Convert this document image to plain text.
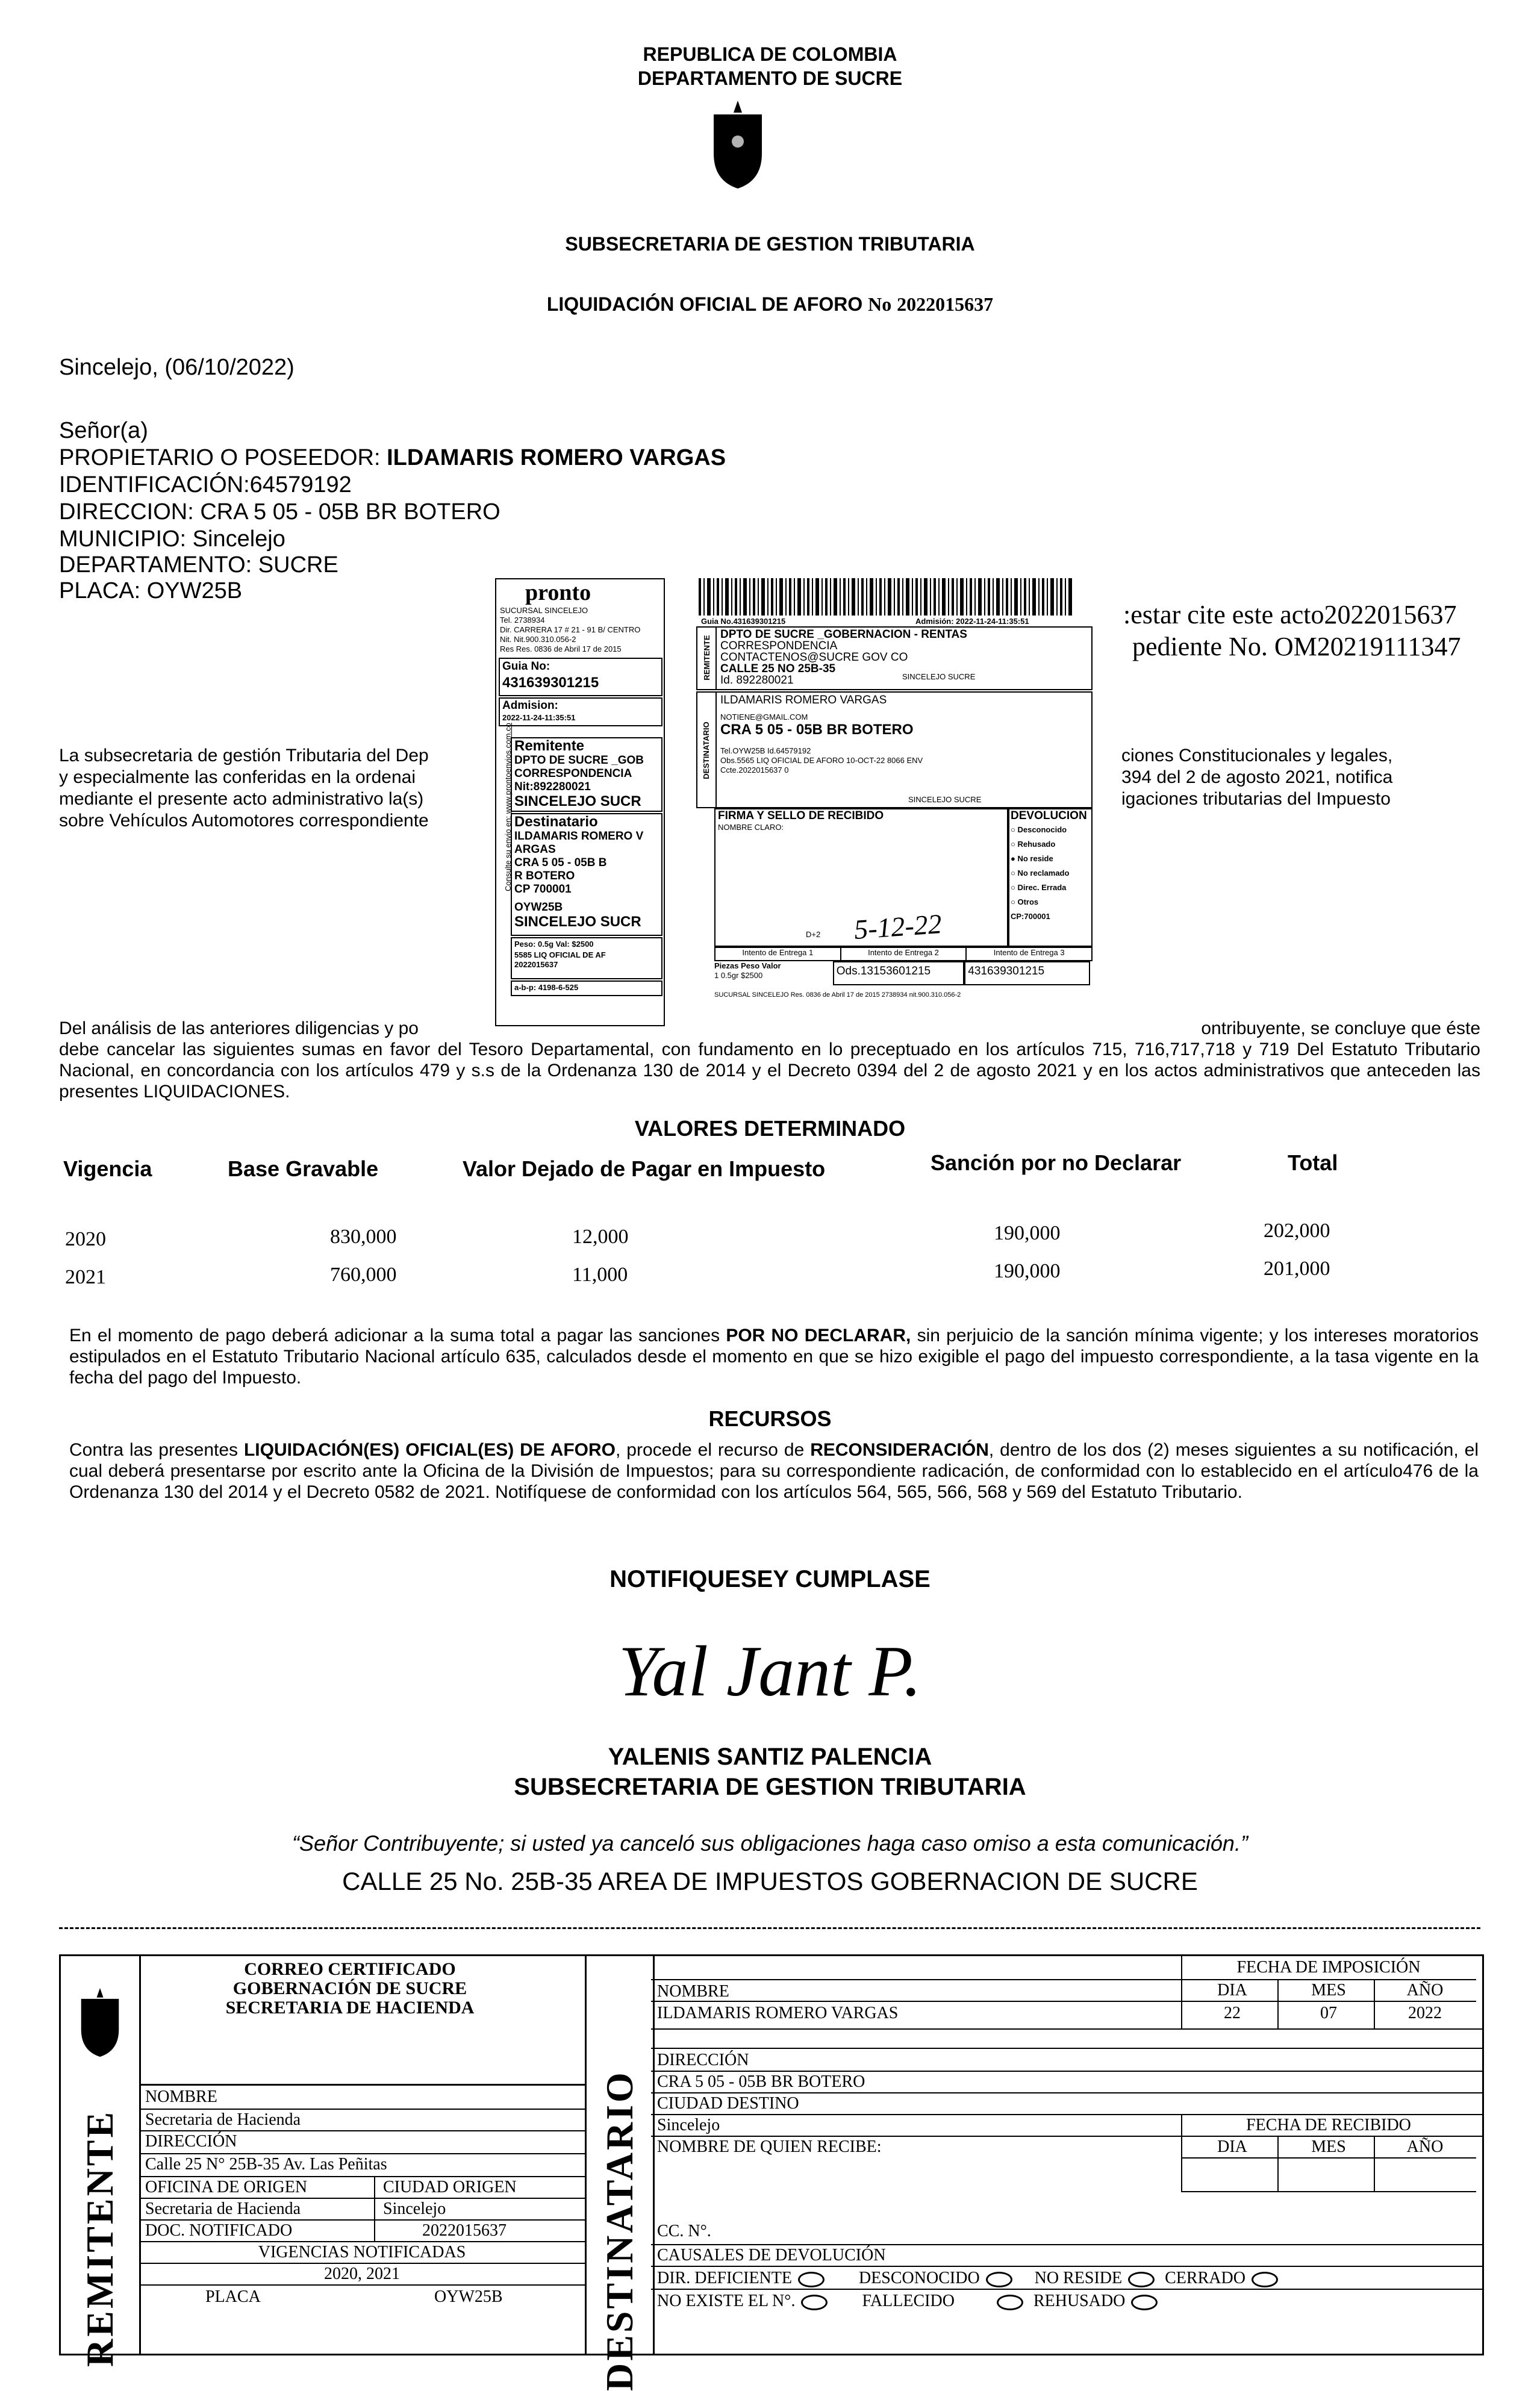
REPUBLICA DE COLOMBIA
DEPARTAMENTO DE SUCRE
SUBSECRETARIA DE GESTION TRIBUTARIA
LIQUIDACIÓN OFICIAL DE AFORO No 2022015637
Sincelejo, (06/10/2022)
Señor(a)
PROPIETARIO O POSEEDOR: ILDAMARIS ROMERO VARGAS
IDENTIFICACIÓN:64579192
DIRECCION: CRA 5 05 - 05B BR BOTERO
MUNICIPIO: Sincelejo
DEPARTAMENTO: SUCRE
PLACA: OYW25B
:estar cite este acto2022015637
pediente No. OM20219111347
La subsecretaria de gestión Tributaria del Dep
y especialmente las conferidas en la ordenai
mediante el presente acto administrativo la(s)
sobre Vehículos Automotores correspondiente
ciones Constitucionales y legales,
394 del 2 de agosto 2021, notifica
igaciones tributarias del Impuesto
pronto
SUCURSAL SINCELEJO
Tel. 2738934
Dir. CARRERA 17 # 21 - 91 B/ CENTRO
Nit. Nit.900.310.056-2
Res Res. 0836 de Abril 17 de 2015
Guia No:
431639301215
Admision:
2022-11-24-11:35:51
Remitente
DPTO DE SUCRE _GOB
CORRESPONDENCIA
Nit:892280021
SINCELEJO SUCR
Destinatario
ILDAMARIS ROMERO V
ARGAS
CRA 5 05 - 05B B
R BOTERO
CP 700001
OYW25B
SINCELEJO SUCR
Peso: 0.5g Val: $2500
5585 LIQ OFICIAL DE AF
2022015637
a-b-p: 4198-6-525
Consulte su envio en: www.prontoenvios.com.co
Guia No.431639301215	Admisión: 2022-11-24-11:35:51
REMITENTE
DPTO DE SUCRE _GOBERNACION - RENTAS
CORRESPONDENCIA
CONTACTENOS@SUCRE GOV CO
CALLE 25 NO 25B-35
Id. 892280021	SINCELEJO SUCRE
DESTINATARIO
ILDAMARIS ROMERO VARGAS
NOTIENE@GMAIL.COM
CRA 5 05 - 05B BR BOTERO
Tel.OYW25B Id.64579192
Obs.5565 LIQ OFICIAL DE AFORO 10-OCT-22 8066 ENV
Ccte.2022015637 0
SINCELEJO SUCRE
FIRMA Y SELLO DE RECIBIDO
NOMBRE CLARO:
D+2 5-12-22
DEVOLUCION
○ Desconocido
○ Rehusado
● No reside
○ No reclamado
○ Direc. Errada
○ Otros
CP:700001
Intento de Entrega 1	Intento de Entrega 2	Intento de Entrega 3
Piezas Peso Valor
1 0.5gr $2500	Ods.13153601215	431639301215
SUCURSAL SINCELEJO Res. 0836 de Abril 17 de 2015 2738934 nit.900.310.056-2
Del análisis de las anteriores diligencias y po	ontribuyente, se concluye que éste
debe cancelar las siguientes sumas en favor del Tesoro Departamental, con fundamento en lo preceptuado en los artículos 715, 716,717,718 y 719 Del Estatuto Tributario Nacional, en concordancia con los artículos 479 y s.s de la Ordenanza 130 de 2014 y el Decreto 0394 del 2 de agosto 2021 y en los actos administrativos que anteceden las presentes LIQUIDACIONES.
VALORES DETERMINADO
Vigencia	Base Gravable	Valor Dejado de Pagar en Impuesto	Sanción por no Declarar	Total
2020	830,000	12,000	190,000	202,000
2021	760,000	11,000	190,000	201,000
En el momento de pago deberá adicionar a la suma total a pagar las sanciones POR NO DECLARAR, sin perjuicio de la sanción mínima vigente; y los intereses moratorios estipulados en el Estatuto Tributario Nacional artículo 635, calculados desde el momento en que se hizo exigible el pago del impuesto correspondiente, a la tasa vigente en la fecha del pago del Impuesto.
RECURSOS
Contra las presentes LIQUIDACIÓN(ES) OFICIAL(ES) DE AFORO, procede el recurso de RECONSIDERACIÓN, dentro de los dos (2) meses siguientes a su notificación, el cual deberá presentarse por escrito ante la Oficina de la División de Impuestos; para su correspondiente radicación, de conformidad con lo establecido en el artículo476 de la Ordenanza 130 del 2014 y el Decreto 0582 de 2021. Notifíquese de conformidad con los artículos 564, 565, 566, 568 y 569 del Estatuto Tributario.
NOTIFIQUESEY CUMPLASE
Yal Jant P.
YALENIS SANTIZ PALENCIA
SUBSECRETARIA DE GESTION TRIBUTARIA
“Señor Contribuyente; si usted ya canceló sus obligaciones haga caso omiso a esta comunicación.”
CALLE 25 No. 25B-35 AREA DE IMPUESTOS GOBERNACION DE SUCRE
REMITENTE
CORREO CERTIFICADO
GOBERNACIÓN DE SUCRE
SECRETARIA DE HACIENDA
NOMBRE
Secretaria de Hacienda
DIRECCIÓN
Calle 25 N° 25B-35 Av. Las Peñitas
OFICINA DE ORIGEN	CIUDAD ORIGEN
Secretaria de Hacienda	Sincelejo
DOC. NOTIFICADO	2022015637
VIGENCIAS NOTIFICADAS
2020, 2021
PLACA	OYW25B DESTINATARIO
FECHA DE IMPOSICIÓN
DIA	MES	AÑO
22	07	2022
NOMBRE
ILDAMARIS ROMERO VARGAS
DIRECCIÓN
CRA 5 05 - 05B BR BOTERO
CIUDAD DESTINO
Sincelejo	FECHA DE RECIBIDO
NOMBRE DE QUIEN RECIBE:	DIA	MES	AÑO
CC. N°.
CAUSALES DE DEVOLUCIÓN
DIR. DEFICIENTE	DESCONOCIDO	NO RESIDE	CERRADO
NO EXISTE EL N°.	FALLECIDO	REHUSADO
